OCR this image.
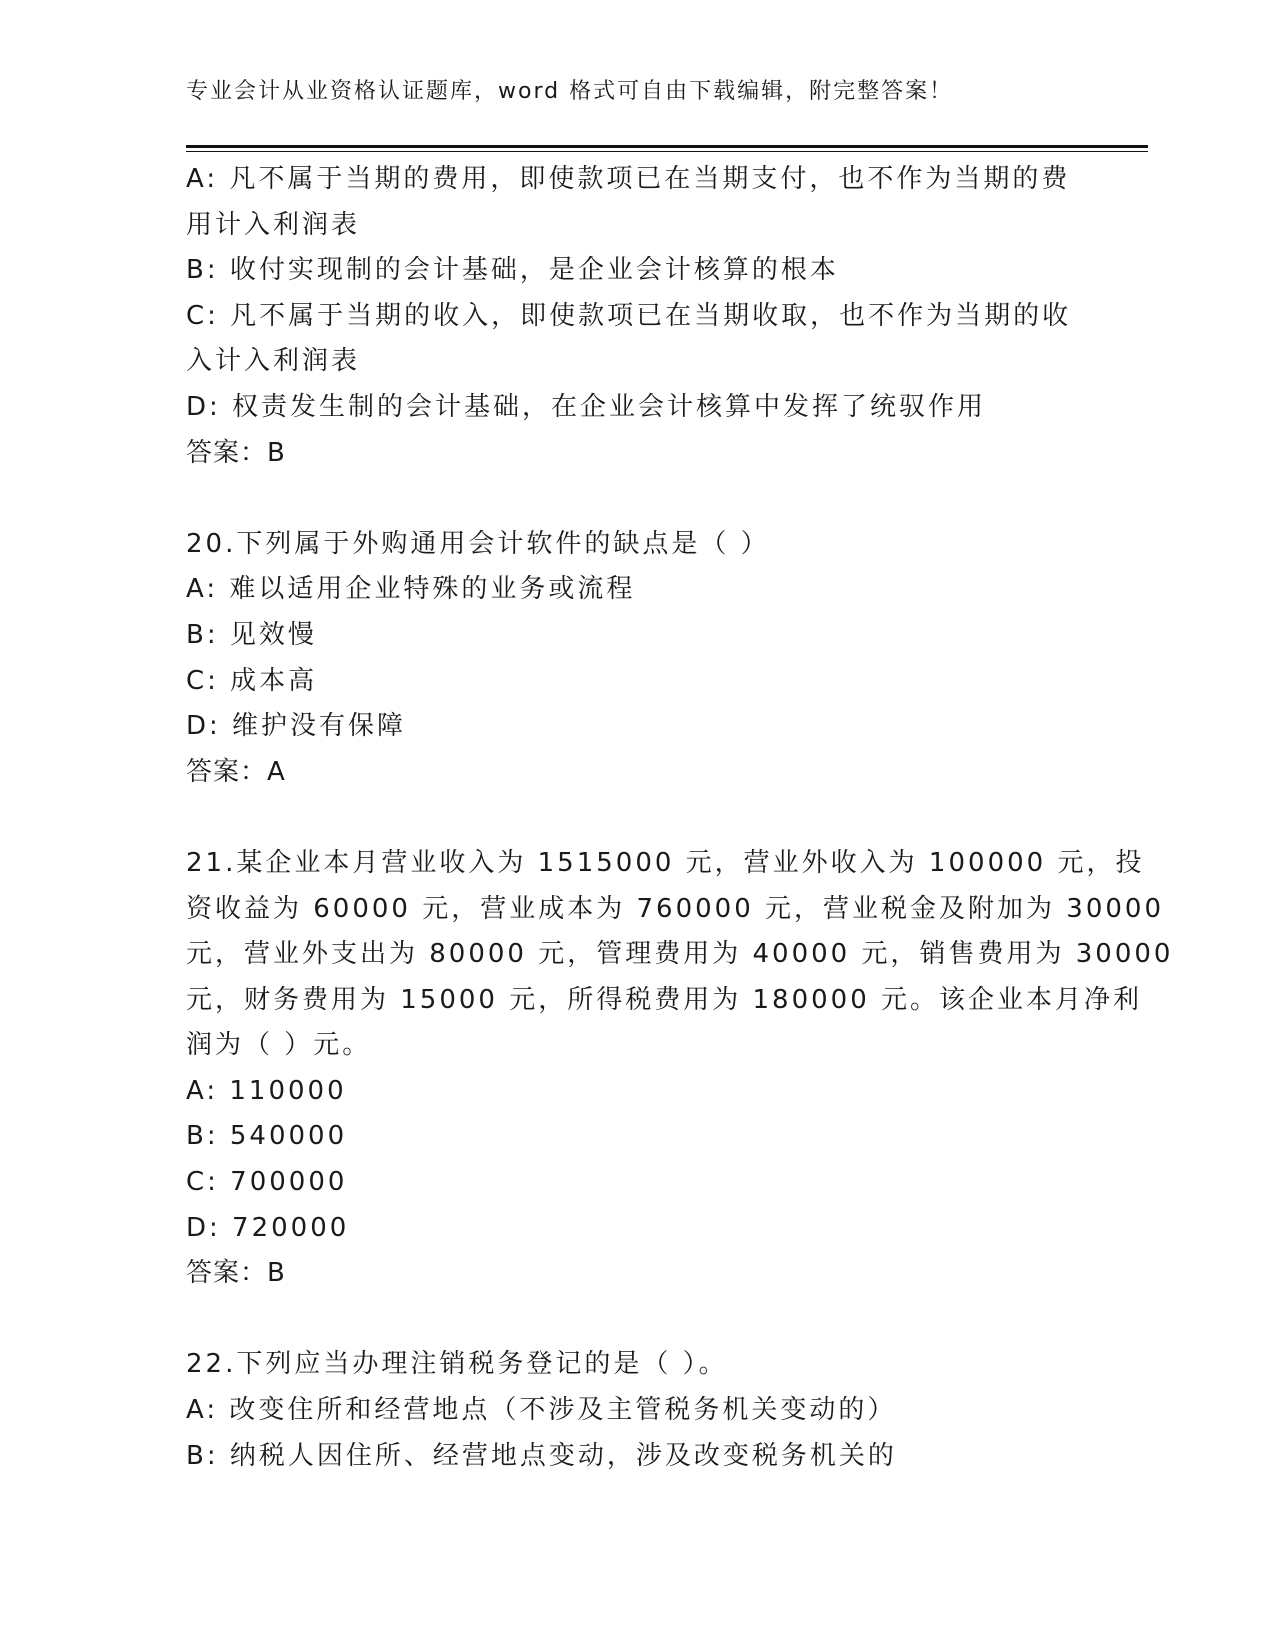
专业会计从业资格认证题库，word 格式可自由下载编辑，附完整答案！
A: 凡不属于当期的费用，即使款项已在当期支付，也不作为当期的费
用计入利润表
B: 收付实现制的会计基础，是企业会计核算的根本
C: 凡不属于当期的收入，即使款项已在当期收取，也不作为当期的收
入计入利润表
D: 权责发生制的会计基础，在企业会计核算中发挥了统驭作用
答案：B
20.下列属于外购通用会计软件的缺点是（ ）
A: 难以适用企业特殊的业务或流程
B: 见效慢
C: 成本高
D: 维护没有保障
答案：A
21.某企业本月营业收入为 1515000 元，营业外收入为 100000 元，投
资收益为 60000 元，营业成本为 760000 元，营业税金及附加为 30000
元，营业外支出为 80000 元，管理费用为 40000 元，销售费用为 30000
元，财务费用为 15000 元，所得税费用为 180000 元。该企业本月净利
润为（ ）元。
A: 110000
B: 540000
C: 700000
D: 720000
答案：B
22.下列应当办理注销税务登记的是（ ）。
A: 改变住所和经营地点（不涉及主管税务机关变动的）
B: 纳税人因住所、经营地点变动，涉及改变税务机关的
